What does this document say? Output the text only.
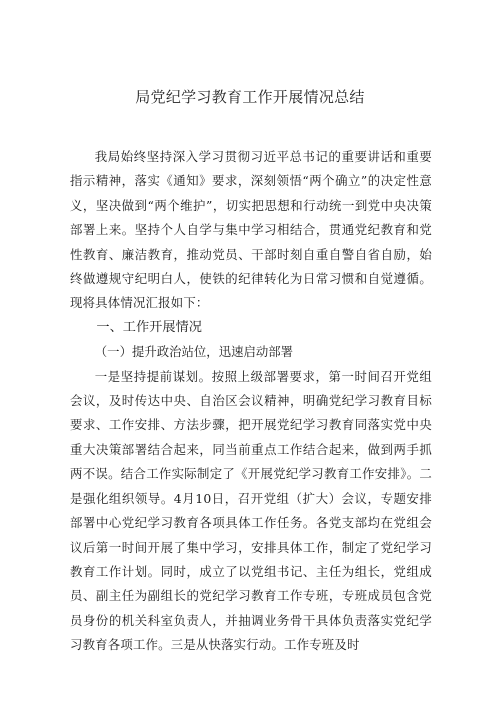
局党纪学习教育工作开展情况总结

我局始终坚持深入学习贯彻习近平总书记的重要讲话和重要指示精神，落实《通知》要求，深刻领悟“两个确立”的决定性意义，坚决做到“两个维护”，切实把思想和行动统一到党中央决策部署上来。坚持个人自学与集中学习相结合，贯通党纪教育和党性教育、廉洁教育，推动党员、干部时刻自重自警自省自励，始终做遵规守纪明白人，使铁的纪律转化为日常习惯和自觉遵循。现将具体情况汇报如下：

一、工作开展情况

（一）提升政治站位，迅速启动部署

一是坚持提前谋划。按照上级部署要求，第一时间召开党组会议，及时传达中央、自治区会议精神，明确党纪学习教育目标要求、工作安排、方法步骤，把开展党纪学习教育同落实党中央重大决策部署结合起来，同当前重点工作结合起来，做到两手抓两不误。结合工作实际制定了《开展党纪学习教育工作安排》。二是强化组织领导。4月10日，召开党组（扩大）会议，专题安排部署中心党纪学习教育各项具体工作任务。各党支部均在党组会议后第一时间开展了集中学习，安排具体工作，制定了党纪学习教育工作计划。同时，成立了以党组书记、主任为组长，党组成员、副主任为副组长的党纪学习教育工作专班，专班成员包含党员身份的机关科室负责人，并抽调业务骨干具体负责落实党纪学习教育各项工作。三是从快落实行动。工作专班及时
